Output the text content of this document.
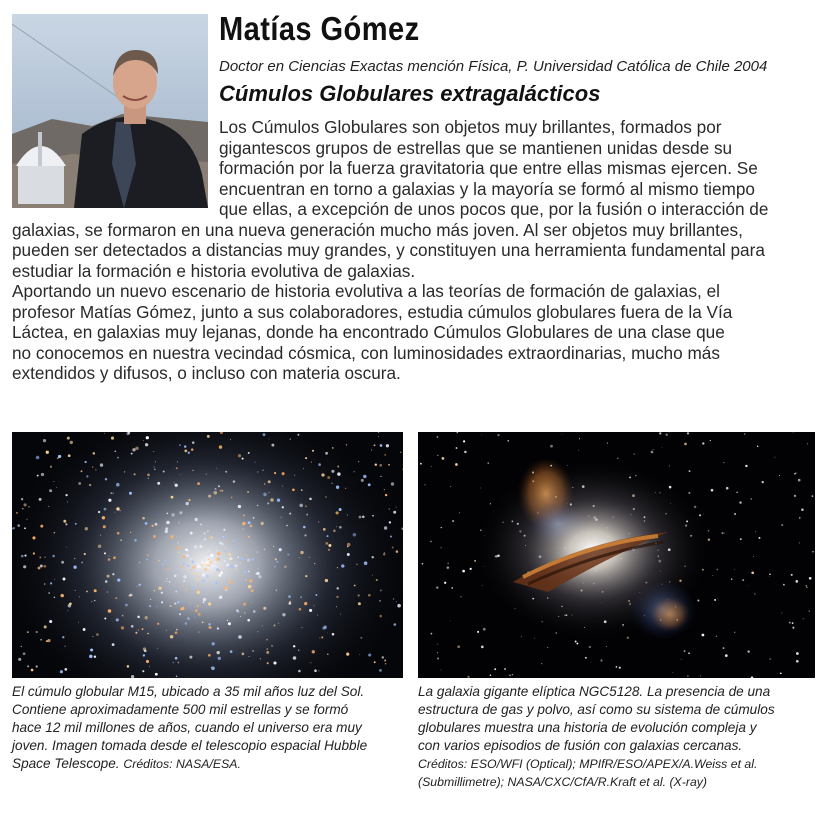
Matías Gómez

Doctor en Ciencias Exactas mención Física, P. Universidad Católica de Chile 2004

Cúmulos Globulares extragalácticos
Los Cúmulos Globulares son objetos muy brillantes, formados por
gigantescos grupos de estrellas que se mantienen unidas desde su
formación por la fuerza gravitatoria que entre ellas mismas ejercen. Se
encuentran en torno a galaxias y la mayoría se formó al mismo tiempo
que ellas, a excepción de unos pocos que, por la fusión o interacción de
galaxias, se formaron en una nueva generación mucho más joven. Al ser objetos muy brillantes,
pueden ser detectados a distancias muy grandes, y constituyen una herramienta fundamental para
estudiar la formación e historia evolutiva de galaxias.
Aportando un nuevo escenario de historia evolutiva a las teorías de formación de galaxias, el
profesor Matías Gómez, junto a sus colaboradores, estudia cúmulos globulares fuera de la Vía
Láctea, en galaxias muy lejanas, donde ha encontrado Cúmulos Globulares de una clase que
no conocemos en nuestra vecindad cósmica, con luminosidades extraordinarias, mucho más
extendidos y difusos, o incluso con materia oscura.
El cúmulo globular M15, ubicado a 35 mil años luz del Sol.
Contiene aproximadamente 500 mil estrellas y se formó
hace 12 mil millones de años, cuando el universo era muy
joven. Imagen tomada desde el telescopio espacial Hubble
Space Telescope. Créditos: NASA/ESA.
La galaxia gigante elíptica NGC5128. La presencia de una
estructura de gas y polvo, así como su sistema de cúmulos
globulares muestra una historia de evolución compleja y
con varios episodios de fusión con galaxias cercanas.
Créditos: ESO/WFI (Optical); MPIfR/ESO/APEX/A.Weiss et al.
(Submillimetre); NASA/CXC/CfA/R.Kraft et al. (X-ray)
